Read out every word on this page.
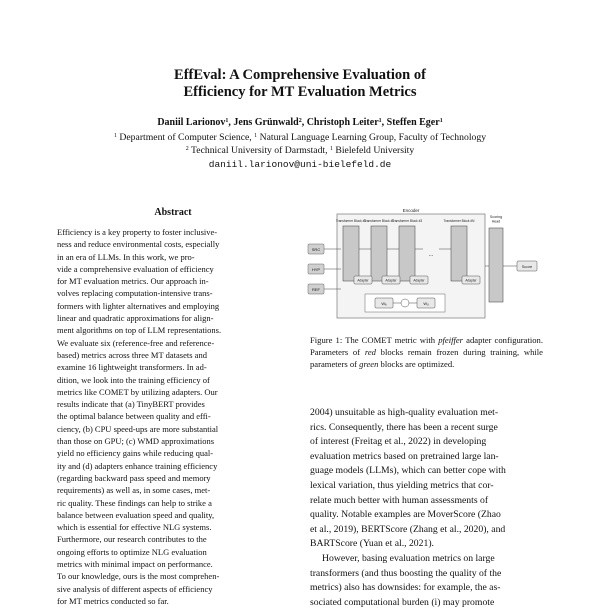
EffEval: A Comprehensive Evaluation of
Efficiency for MT Evaluation Metrics
Daniil Larionov$^1$, Jens Grünwald$^2$, Christoph Leiter$^1$, Steffen Eger$^1$
$^1$ Department of Computer Science, $^1$ Natural Language Learning Group, Faculty of Technology
$^2$ Technical University of Darmstadt, $^1$ Bielefeld University
daniil.larionov@uni-bielefeld.de
Abstract
Efficiency is a key property to foster inclusive-
ness and reduce environmental costs, especially
in an era of LLMs. In this work, we pro-
vide a comprehensive evaluation of efficiency
for MT evaluation metrics. Our approach in-
volves replacing computation-intensive trans-
formers with lighter alternatives and employing
linear and quadratic approximations for align-
ment algorithms on top of LLM representations.
We evaluate six (reference-free and reference-
based) metrics across three MT datasets and
examine 16 lightweight transformers. In ad-
dition, we look into the training efficiency of
metrics like COMET by utilizing adapters. Our
results indicate that (a) TinyBERT provides
the optimal balance between quality and effi-
ciency, (b) CPU speed-ups are more substantial
than those on GPU; (c) WMD approximations
yield no efficiency gains while reducing qual-
ity and (d) adapters enhance training efficiency
(regarding backward pass speed and memory
requirements) as well as, in some cases, met-
ric quality. These findings can help to strike a
balance between evaluation speed and quality,
which is essential for effective NLG systems.
Furthermore, our research contributes to the
ongoing efforts to optimize NLG evaluation
metrics with minimal impact on performance.
To our knowledge, ours is the most comprehen-
sive analysis of different aspects of efficiency
for MT metrics conducted so far.
Encoder
SRC
HYP
REF
Transformer Block #1
Transformer Block #2
Transformer Block #3
...
Transformer Block #N
Adapter	Adapter	Adapter	Adapter
Wₑ	Wᵤ
Scoring Head
Score
Figure 1: The COMET metric with pfeiffer adapter configuration. Parameters of red blocks remain frozen during training, while parameters of green blocks are optimized.
2004) unsuitable as high-quality evaluation met-
rics. Consequently, there has been a recent surge
of interest (Freitag et al., 2022) in developing
evaluation metrics based on pretrained large lan-
guage models (LLMs), which can better cope with
lexical variation, thus yielding metrics that cor-
relate much better with human assessments of
quality. Notable examples are MoverScore (Zhao
et al., 2019), BERTScore (Zhang et al., 2020), and
BARTScore (Yuan et al., 2021).
However, basing evaluation metrics on large
transformers (and thus boosting the quality of the
metrics) also has downsides: for example, the as-
sociated computational burden (i) may promote
